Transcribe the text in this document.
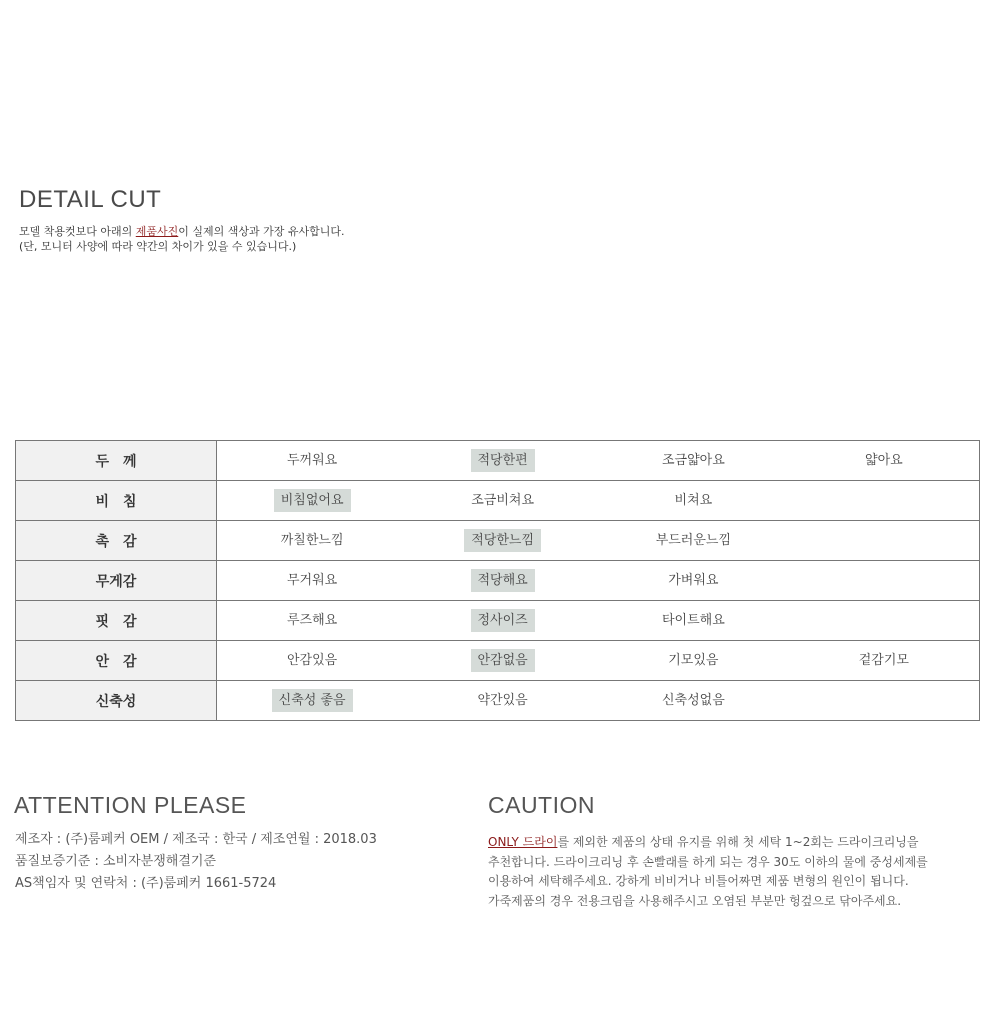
DETAIL CUT
모델 착용컷보다 아래의 제품사진이 실제의 색상과 가장 유사합니다.
(단, 모니터 사양에 따라 약간의 차이가 있을 수 있습니다.)
두　께	두꺼워요	적당한편	조금얇아요	얇아요
비　침	비침없어요	조금비쳐요	비쳐요	
촉　감	까칠한느낌	적당한느낌	부드러운느낌	
무게감	무거워요	적당해요	가벼워요	
핏　감	루즈해요	정사이즈	타이트해요	
안　감	안감있음	안감없음	기모있음	겉감기모
신축성	신축성 좋음	약간있음	신축성없음	
ATTENTION PLEASE
제조자 : (주)룸페커 OEM / 제조국 : 한국 / 제조연월 : 2018.03
품질보증기준 : 소비자분쟁해결기준
AS책임자 및 연락처 : (주)룸페커 1661-5724
CAUTION
ONLY 드라이를 제외한 제품의 상태 유지를 위해 첫 세탁 1~2회는 드라이크리닝을
추천합니다. 드라이크리닝 후 손빨래를 하게 되는 경우 30도 이하의 물에 중성세제를
이용하여 세탁해주세요. 강하게 비비거나 비틀어짜면 제품 변형의 원인이 됩니다.
가죽제품의 경우 전용크림을 사용해주시고 오염된 부분만 헝겊으로 닦아주세요.
